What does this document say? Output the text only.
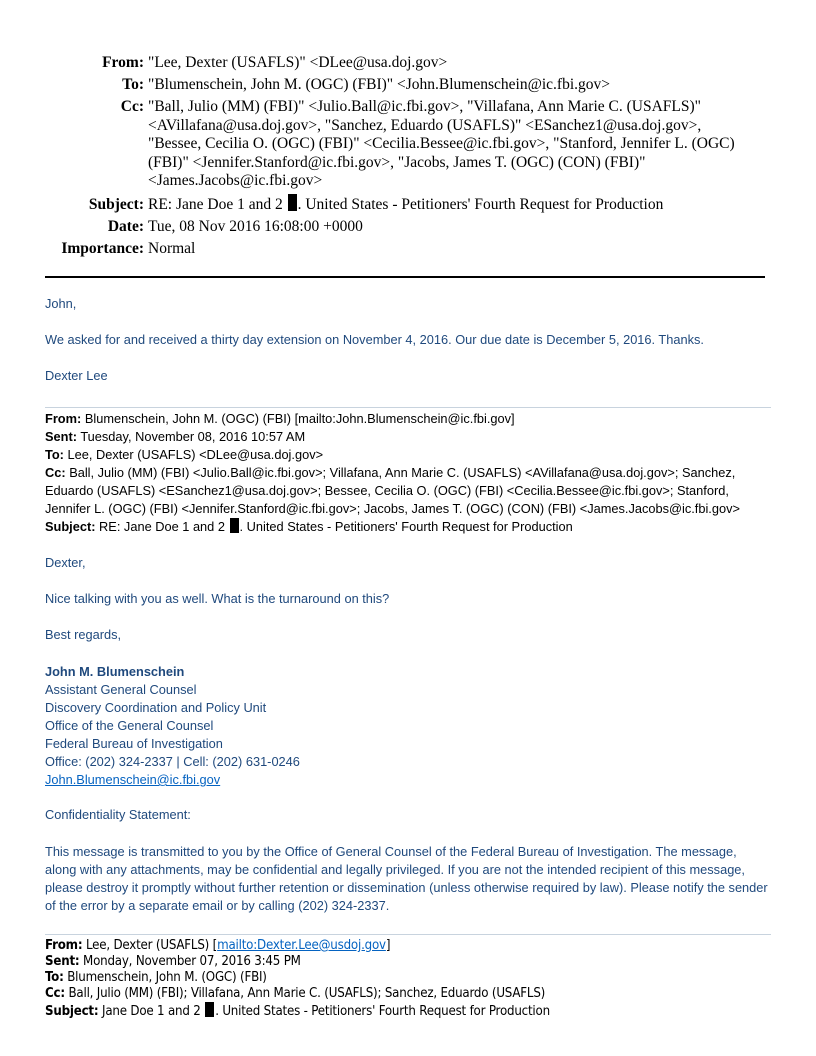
From: "Lee, Dexter (USAFLS)" <DLee@usa.doj.gov>
To: "Blumenschein, John M. (OGC) (FBI)" <John.Blumenschein@ic.fbi.gov>
Cc: "Ball, Julio (MM) (FBI)" <Julio.Ball@ic.fbi.gov>, "Villafana, Ann Marie C. (USAFLS)"
<AVillafana@usa.doj.gov>, "Sanchez, Eduardo (USAFLS)" <ESanchez1@usa.doj.gov>,
"Bessee, Cecilia O. (OGC) (FBI)" <Cecilia.Bessee@ic.fbi.gov>, "Stanford, Jennifer L. (OGC)
(FBI)" <Jennifer.Stanford@ic.fbi.gov>, "Jacobs, James T. (OGC) (CON) (FBI)"
<James.Jacobs@ic.fbi.gov>
Subject: RE: Jane Doe 1 and 2 . United States - Petitioners' Fourth Request for Production
Date: Tue, 08 Nov 2016 16:08:00 +0000
Importance: Normal

John,

We asked for and received a thirty day extension on November 4, 2016. Our due date is December 5, 2016. Thanks.

Dexter Lee

From: Blumenschein, John M. (OGC) (FBI) [mailto:John.Blumenschein@ic.fbi.gov]
Sent: Tuesday, November 08, 2016 10:57 AM
To: Lee, Dexter (USAFLS) <DLee@usa.doj.gov>
Cc: Ball, Julio (MM) (FBI) <Julio.Ball@ic.fbi.gov>; Villafana, Ann Marie C. (USAFLS) <AVillafana@usa.doj.gov>; Sanchez, Eduardo (USAFLS) <ESanchez1@usa.doj.gov>; Bessee, Cecilia O. (OGC) (FBI) <Cecilia.Bessee@ic.fbi.gov>; Stanford, Jennifer L. (OGC) (FBI) <Jennifer.Stanford@ic.fbi.gov>; Jacobs, James T. (OGC) (CON) (FBI) <James.Jacobs@ic.fbi.gov>
Subject: RE: Jane Doe 1 and 2 . United States - Petitioners' Fourth Request for Production

Dexter,

Nice talking with you as well. What is the turnaround on this?

Best regards,

John M. Blumenschein
Assistant General Counsel
Discovery Coordination and Policy Unit
Office of the General Counsel
Federal Bureau of Investigation
Office: (202) 324-2337 | Cell: (202) 631-0246
John.Blumenschein@ic.fbi.gov

Confidentiality Statement:

This message is transmitted to you by the Office of General Counsel of the Federal Bureau of Investigation. The message, along with any attachments, may be confidential and legally privileged. If you are not the intended recipient of this message, please destroy it promptly without further retention or dissemination (unless otherwise required by law). Please notify the sender of the error by a separate email or by calling (202) 324-2337.

From: Lee, Dexter (USAFLS) [mailto:Dexter.Lee@usdoj.gov]
Sent: Monday, November 07, 2016 3:45 PM
To: Blumenschein, John M. (OGC) (FBI)
Cc: Ball, Julio (MM) (FBI); Villafana, Ann Marie C. (USAFLS); Sanchez, Eduardo (USAFLS)
Subject: Jane Doe 1 and 2 . United States - Petitioners' Fourth Request for Production
